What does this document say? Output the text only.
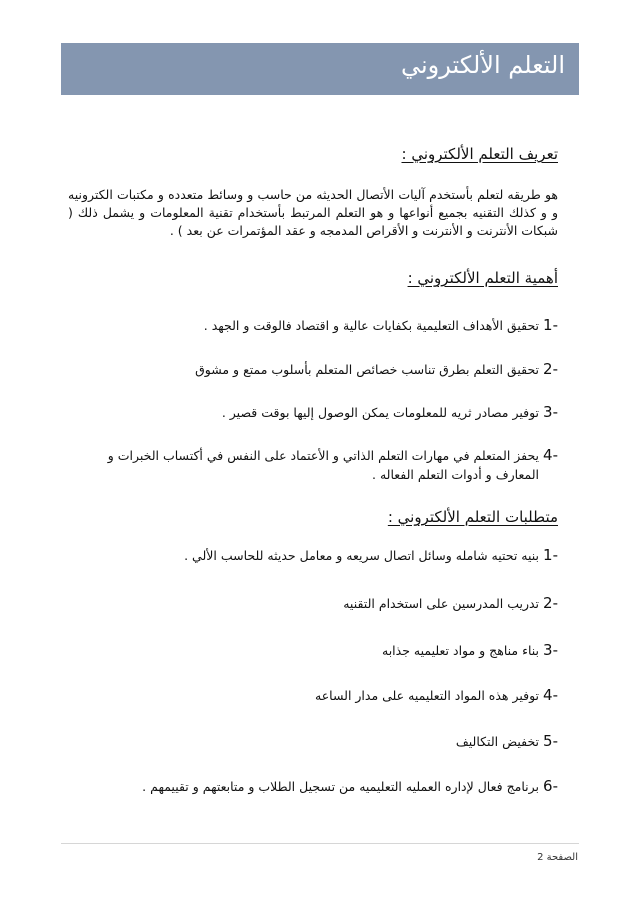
التعلم الألكتروني
تعريف التعلم الألكتروني :
هو طريقه لتعلم بأستخدم آليات الأتصال الحديثه من حاسب و وسائط متعدده و مكتبات الكترونيه و و كذلك التقنيه بجميع أنواعها و هو التعلم المرتبط بأستخدام تقنية المعلومات و يشمل ذلك ( شبكات الأنترنت و الأنترنت و الأقراص المدمجه و عقد المؤتمرات عن بعد ) .
أهمية التعلم الألكتروني :
1-
تحقيق الأهداف التعليمية بكفايات عالية و اقتصاد فالوقت و الجهد .
2-
تحقيق التعلم بطرق تناسب خصائص المتعلم بأسلوب ممتع و مشوق
3-
توفير مصادر ثريه للمعلومات يمكن الوصول إليها بوقت قصير .
4-
يحفز المتعلم في مهارات التعلم الذاتي و الأعتماد على النفس في أكتساب الخبرات و المعارف و أدوات التعلم الفعاله .
متطلبات التعلم الألكتروني :
1-
بنيه تحتيه شامله وسائل اتصال سريعه و معامل حديثه للحاسب الألي .
2-
تدريب المدرسين على استخدام التقنيه
3-
بناء مناهج و مواد تعليميه جذابه
4-
توفير هذه المواد التعليميه على مدار الساعه
5-
تخفيض التكاليف
6-
برنامج فعال لإداره العمليه التعليميه من تسجيل الطلاب و متابعتهم و تقييمهم .
الصفحة 2
